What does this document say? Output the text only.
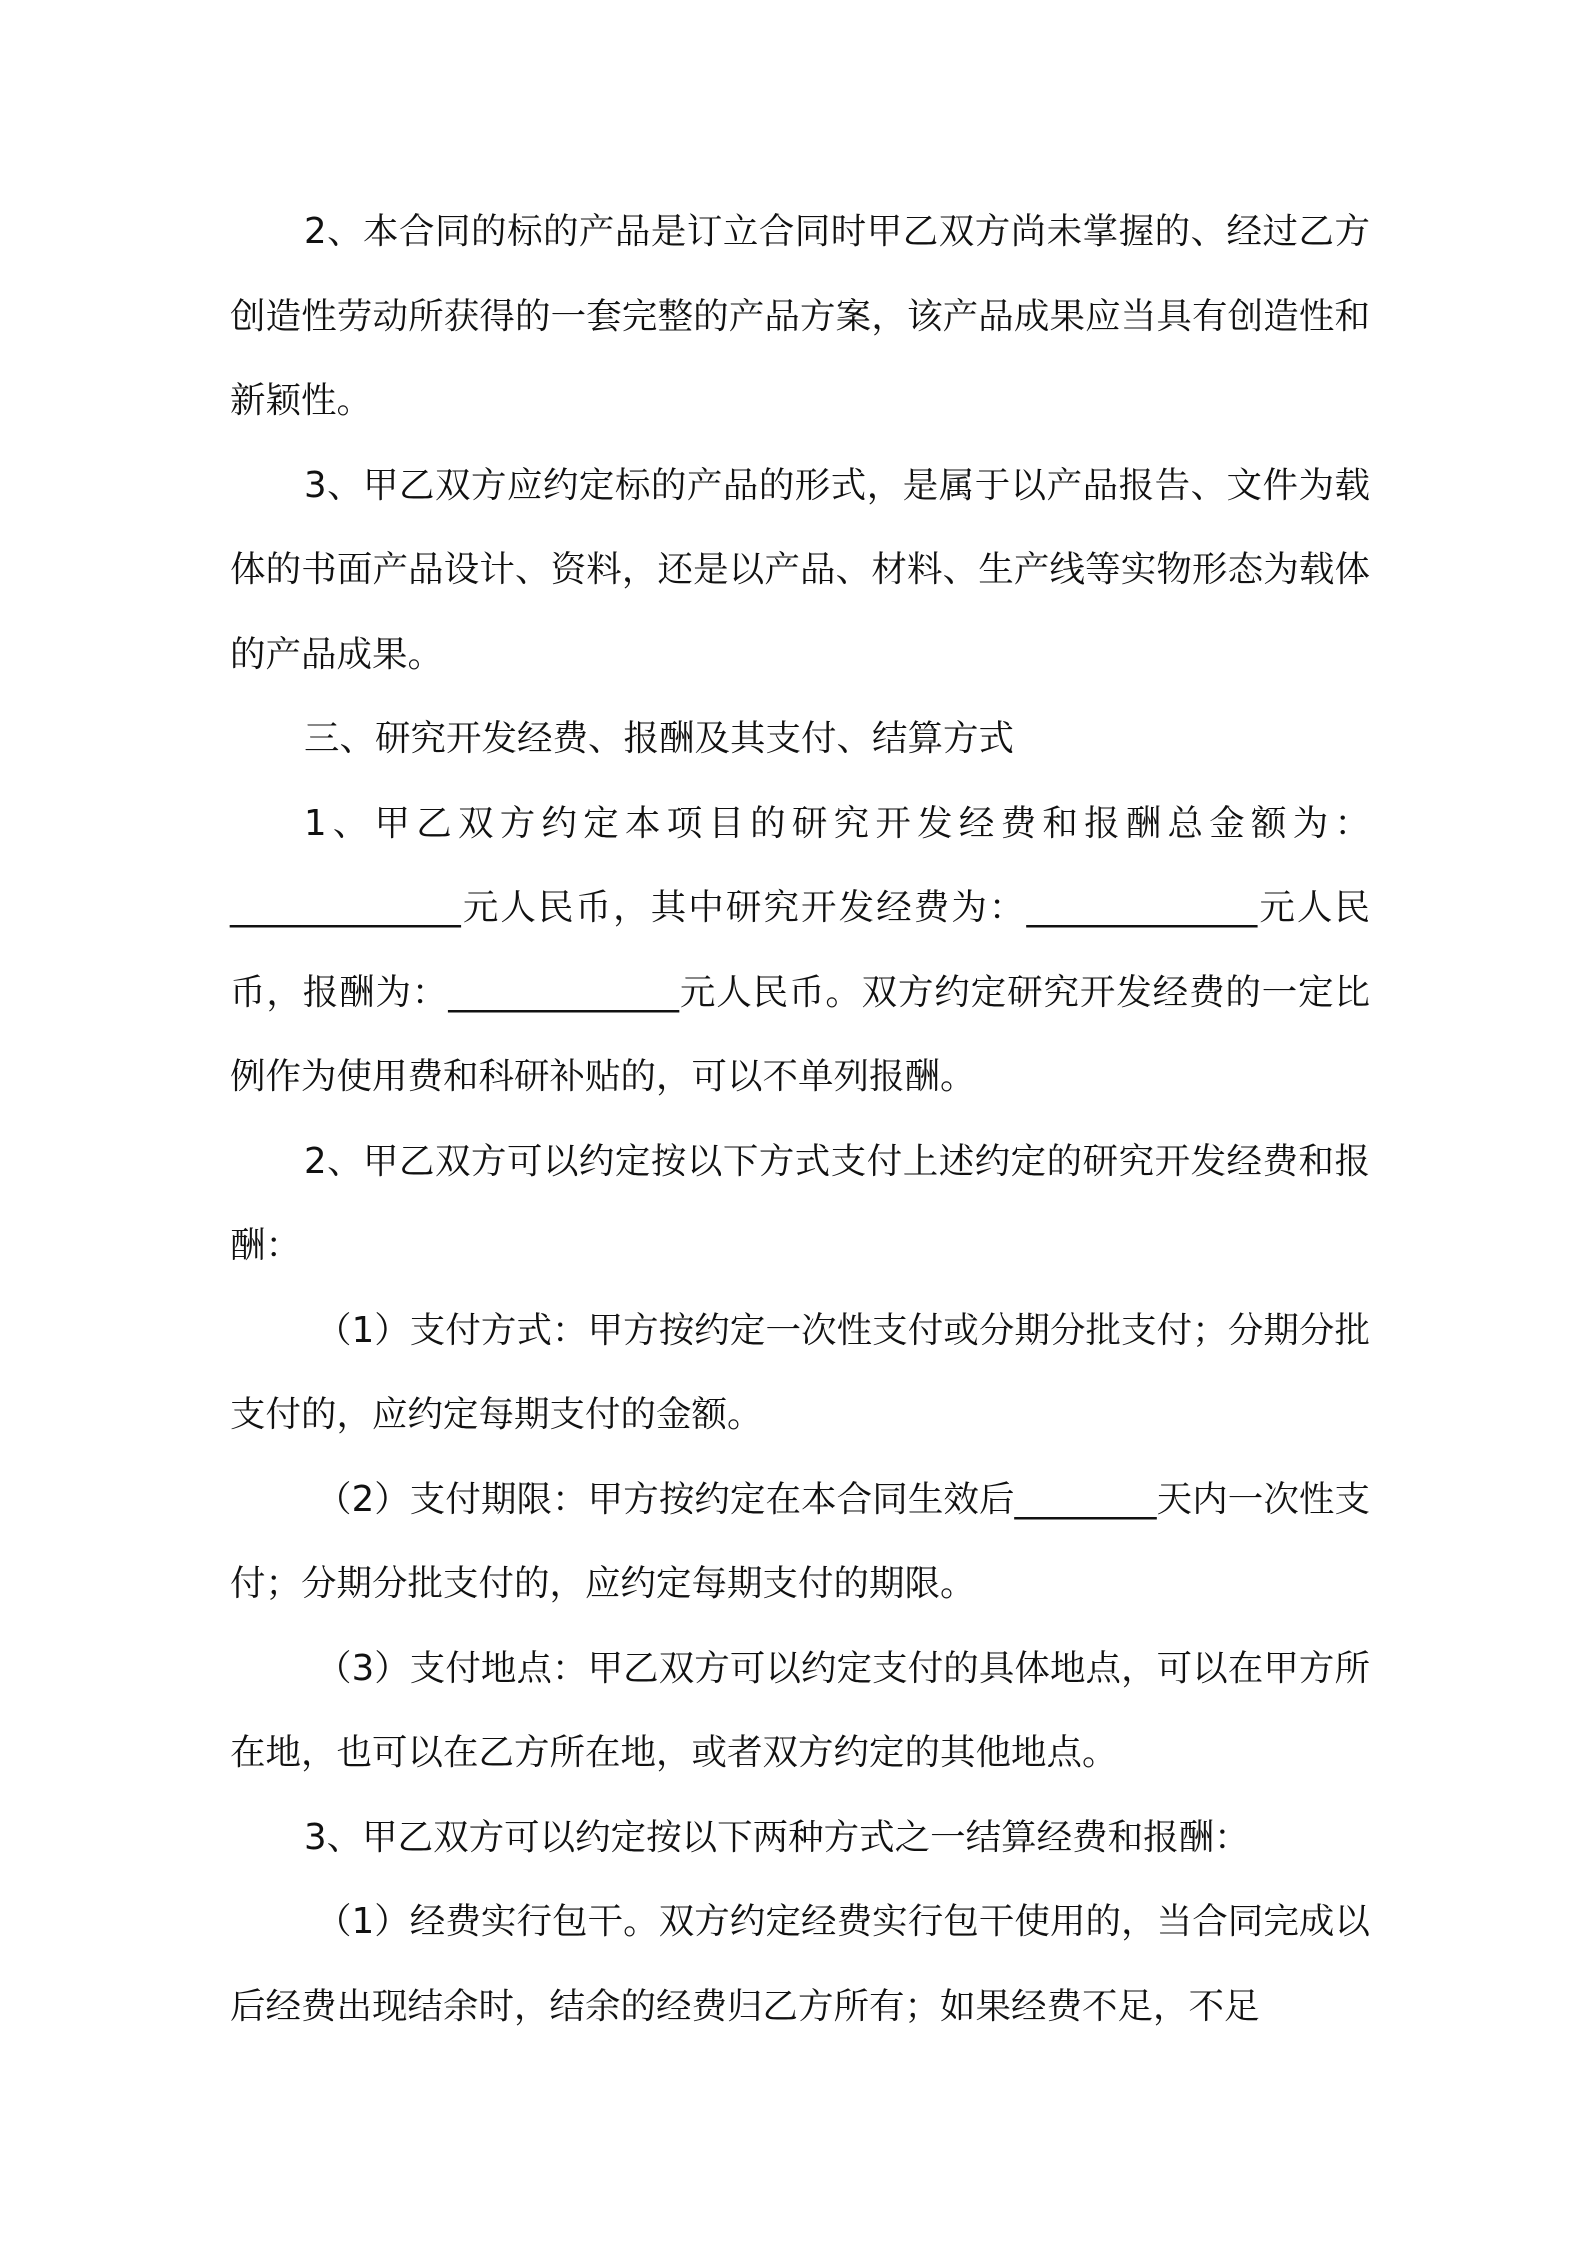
2、本合同的标的产品是订立合同时甲乙双方尚未掌握的、经过乙方创造性劳动所获得的一套完整的产品方案，该产品成果应当具有创造性和新颖性。

3、甲乙双方应约定标的产品的形式，是属于以产品报告、文件为载体的书面产品设计、资料，还是以产品、材料、生产线等实物形态为载体的产品成果。

三、研究开发经费、报酬及其支付、结算方式

1、甲乙双方约定本项目的研究开发经费和报酬总金额为：_____________元人民币，其中研究开发经费为：_____________元人民币，报酬为：_____________元人民币。双方约定研究开发经费的一定比例作为使用费和科研补贴的，可以不单列报酬。

2、甲乙双方可以约定按以下方式支付上述约定的研究开发经费和报酬：

（1）支付方式：甲方按约定一次性支付或分期分批支付；分期分批支付的，应约定每期支付的金额。

（2）支付期限：甲方按约定在本合同生效后________天内一次性支付；分期分批支付的，应约定每期支付的期限。

（3）支付地点：甲乙双方可以约定支付的具体地点，可以在甲方所在地，也可以在乙方所在地，或者双方约定的其他地点。

3、甲乙双方可以约定按以下两种方式之一结算经费和报酬：

（1）经费实行包干。双方约定经费实行包干使用的，当合同完成以后经费出现结余时，结余的经费归乙方所有；如果经费不足，不足
